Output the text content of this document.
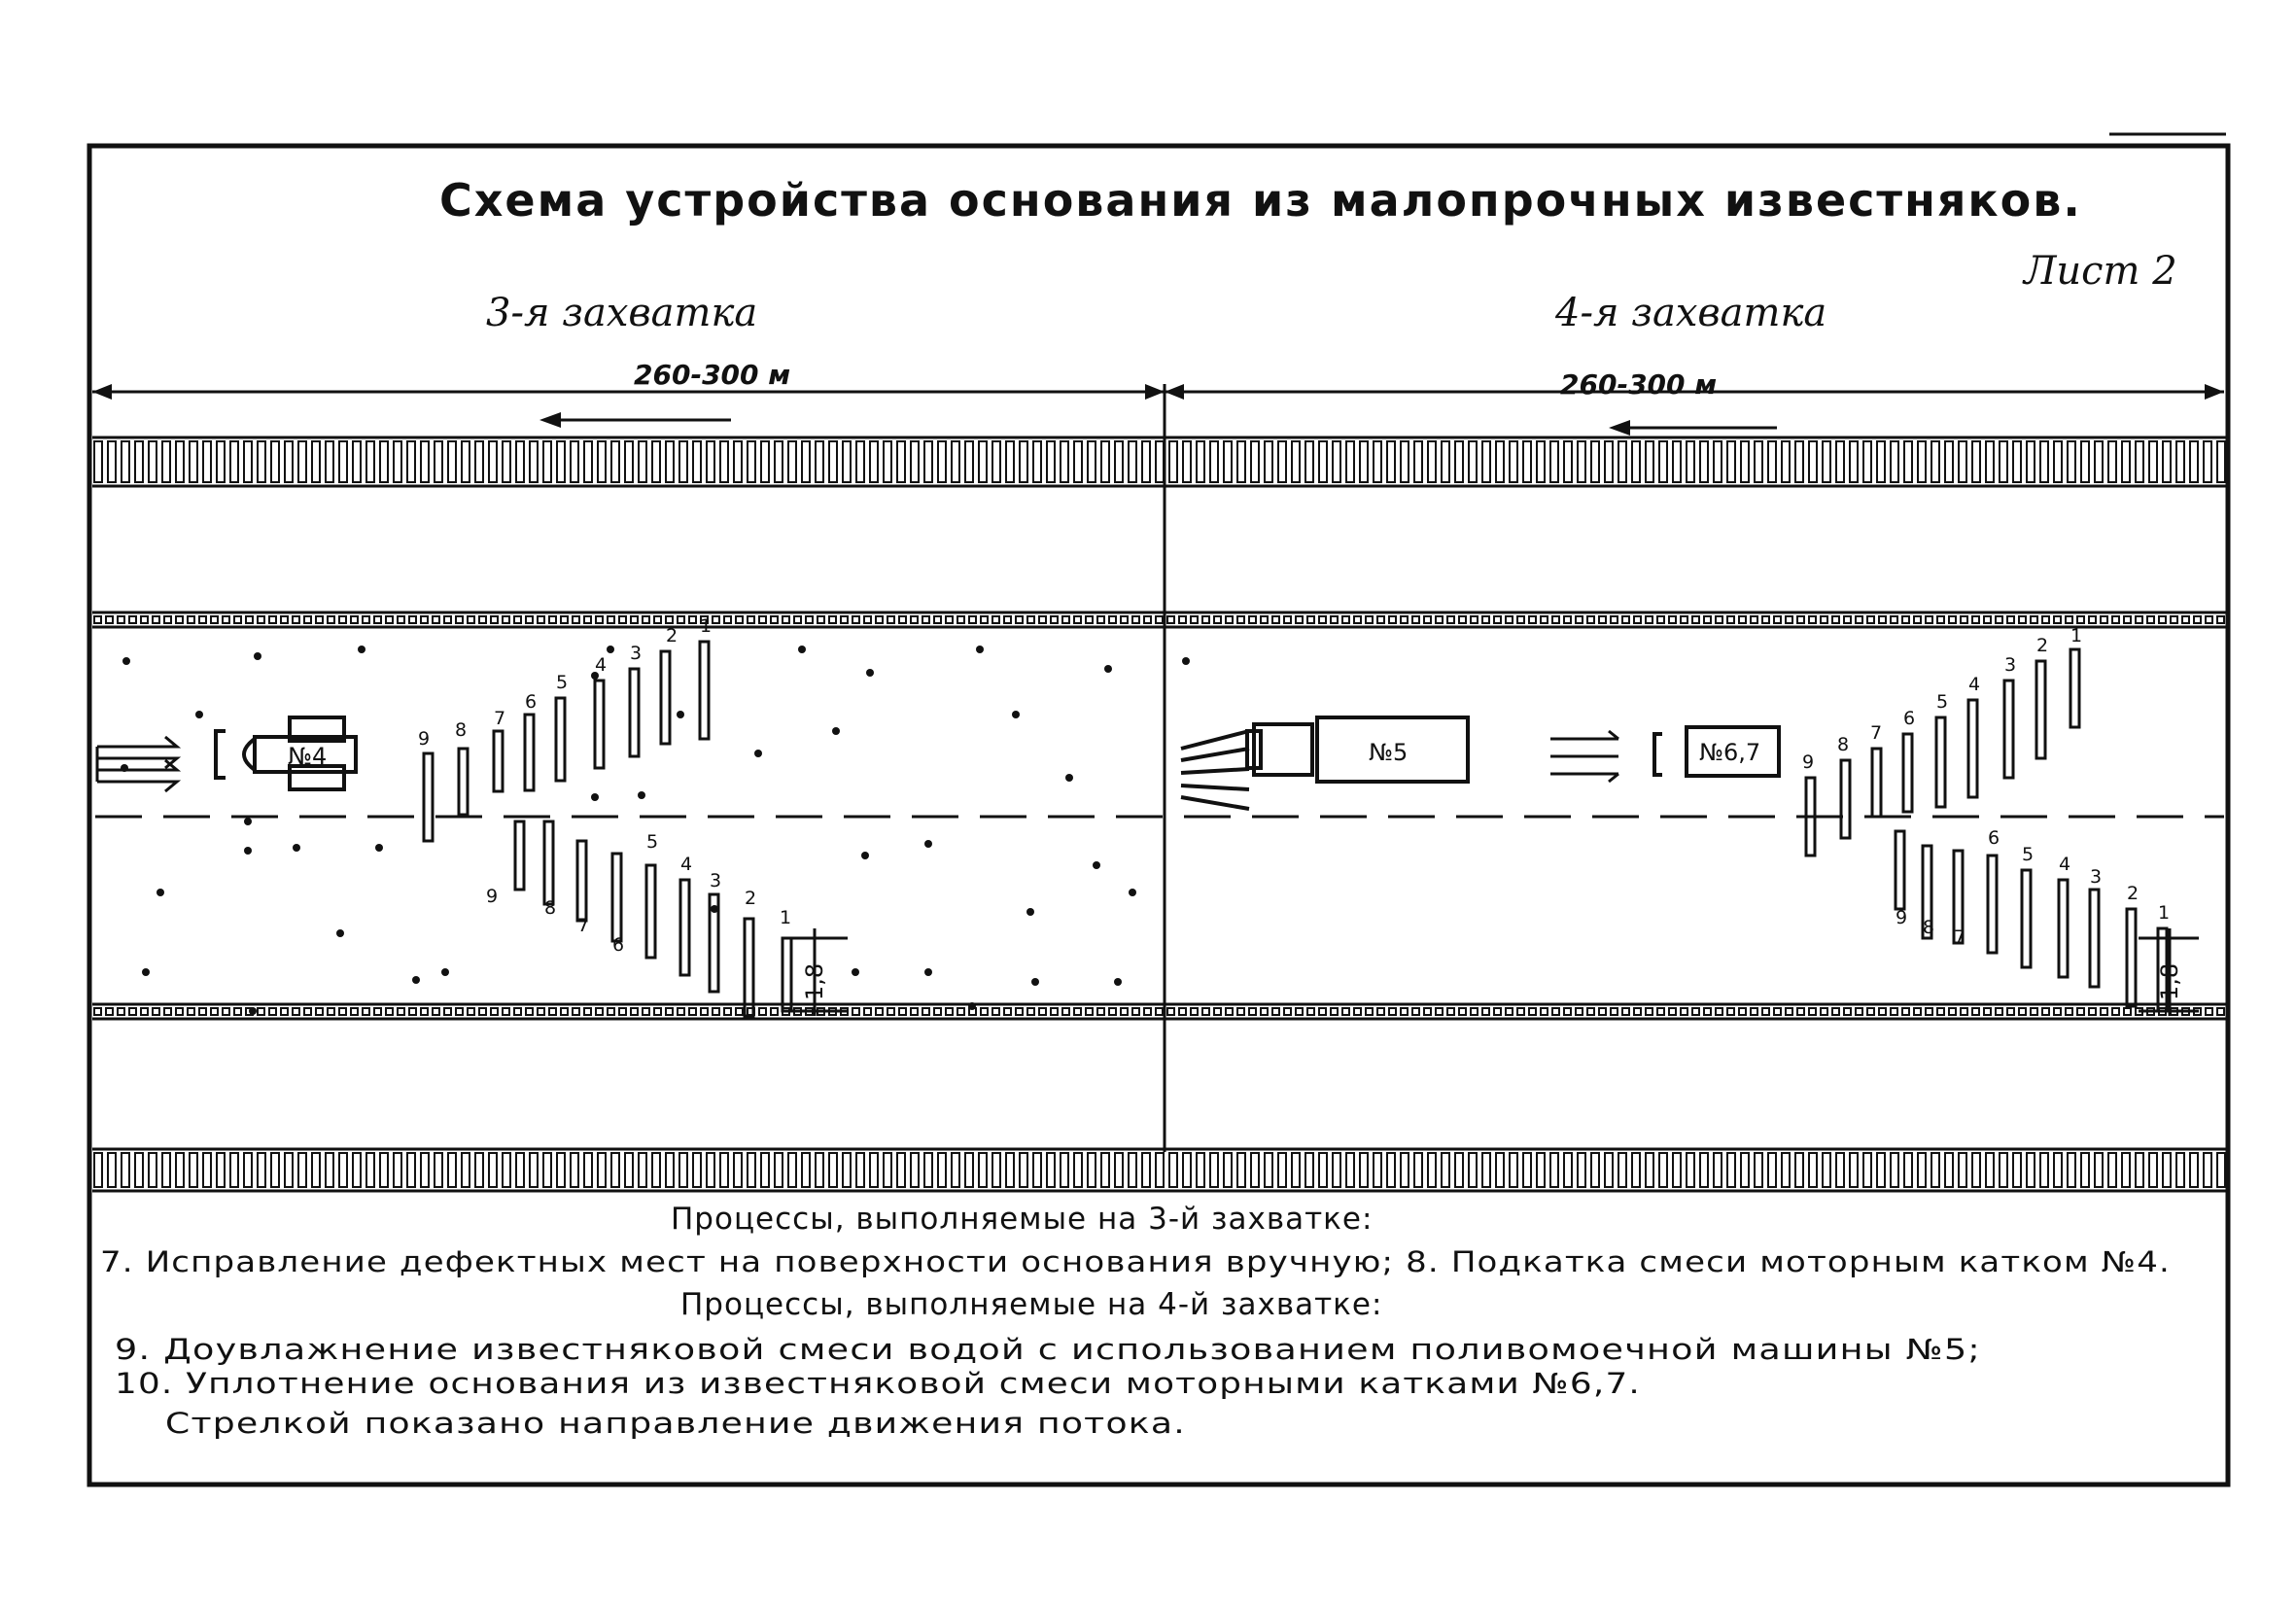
Схема устройства основания из малопрочных известняков.
Лист 2
3-я захватка	4-я захватка
260-300 м	260-300 м
№4	№5	№6,7
1,8	1,8
9 8
7
6
5
4
3
2 1
9
8
7
6
5
4
3
2
1
9
8
7
6
5
4
3
2 1
9 8 7
6
5 4
3
2
1
Процессы, выполняемые на 3-й захватке:
7. Исправление дефектных мест на поверхности основания вручную; 8. Подкатка смеси моторным катком №4.
Процессы, выполняемые на 4-й захватке:
9. Доувлажнение известняковой смеси водой с использованием поливомоечной машины №5;
10. Уплотнение основания из известняковой смеси моторными катками №6,7.
Стрелкой показано направление движения потока.
